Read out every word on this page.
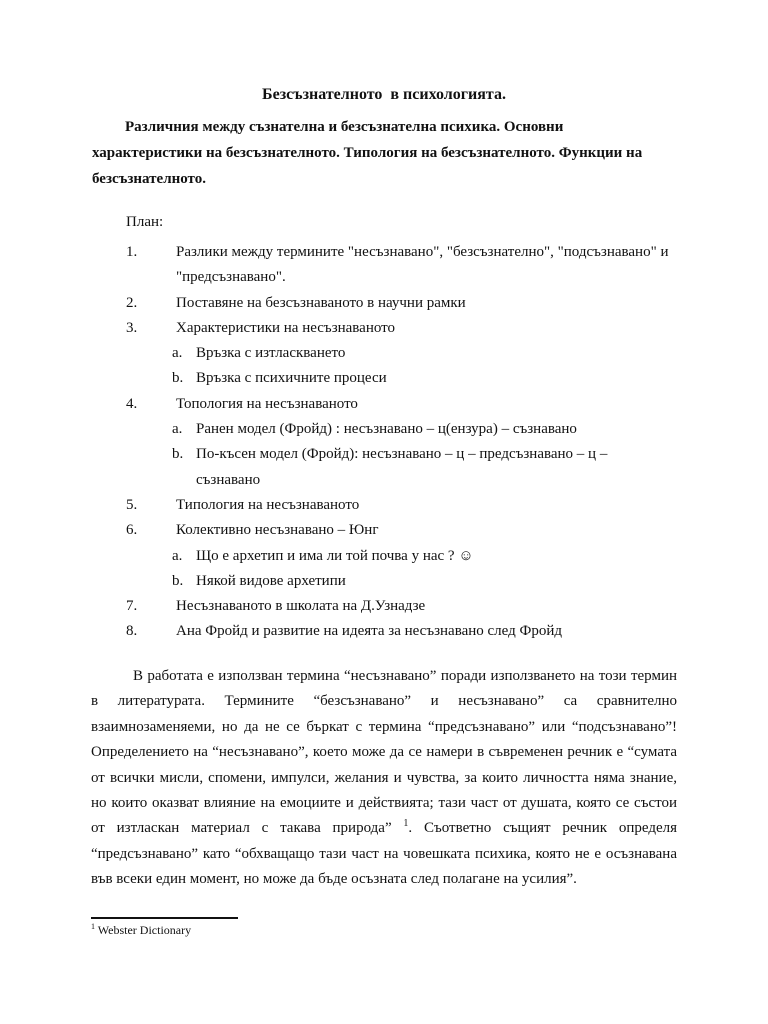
Безсъзнателното  в психологията.

Различния между съзнателна и безсъзнателна психика. Основни характеристики на безсъзнателното. Типология на безсъзнателното. Функции на безсъзнателното.

План:

1.	Разлики между термините "несъзнавано", "безсъзнателно", "подсъзнавано" и "предсъзнавано".
2.	Поставяне на безсъзнаваното в научни рамки
3.	Характеристики на несъзнаваното
a. Връзка с изтласкването
b. Връзка с психичните процеси
4.	Топология на несъзнаваното
a. Ранен модел (Фройд) : несъзнавано – ц(ензура) – съзнавано
b. По-късен модел (Фройд): несъзнавано – ц – предсъзнавано – ц – съзнавано
5.	Типология на несъзнаваното
6.	Колективно несъзнавано – Юнг
a. Що е архетип и има ли той почва у нас ? ☺
b. Някой видове архетипи
7.	Несъзнаваното в школата на Д.Узнадзе
8.	Ана Фройд и развитие на идеята за несъзнавано след Фройд

В работата е използван термина “несъзнавано” поради използването на този термин в литературата. Термините “безсъзнавано” и несъзнавано” са сравнително взаимнозаменяеми, но да не се бъркат с термина “предсъзнавано” или “подсъзнавано”! Определението на “несъзнавано”, което може да се намери в съвременен речник е “сумата от всички мисли, спомени, импулси, желания и чувства, за които личността няма знание, но които оказват влияние на емоциите и действията; тази част от душата, която се състои от изтласкан материал с такава природа” $^1$. Съответно същият речник определя “предсъзнавано” като “обхващащо тази част на човешката психика, която не е осъзнавана във всеки един момент, но може да бъде осъзната след полагане на усилия”.

$^1$ Webster Dictionary
